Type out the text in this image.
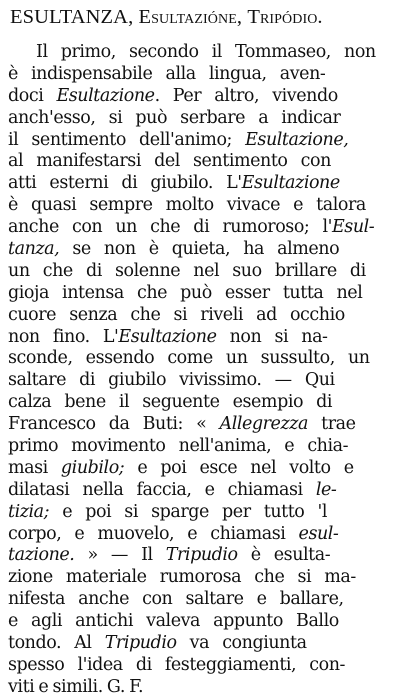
ESULTANZA, Esultazióne, Tripódio.
Il primo, secondo il Tommaseo, non
è indispensabile alla lingua, aven-
doci Esultazione. Per altro, vivendo
anch'esso, si può serbare a indicar
il sentimento dell'animo; Esultazione,
al manifestarsi del sentimento con
atti esterni di giubilo. L'Esultazione
è quasi sempre molto vivace e talora
anche con un che di rumoroso; l'Esul-
tanza, se non è quieta, ha almeno
un che di solenne nel suo brillare di
gioja intensa che può esser tutta nel
cuore senza che si riveli ad occhio
non fino. L'Esultazione non si na-
sconde, essendo come un sussulto, un
saltare di giubilo vivissimo. — Qui
calza bene il seguente esempio di
Francesco da Buti: « Allegrezza trae
primo movimento nell'anima, e chia-
masi giubilo; e poi esce nel volto e
dilatasi nella faccia, e chiamasi le-
tizia; e poi si sparge per tutto 'l
corpo, e muovelo, e chiamasi esul-
tazione. » — Il Tripudio è esulta-
zione materiale rumorosa che si ma-
nifesta anche con saltare e ballare,
e agli antichi valeva appunto Ballo
tondo. Al Tripudio va congiunta
spesso l'idea di festeggiamenti, con-
viti e simili. G. F.
